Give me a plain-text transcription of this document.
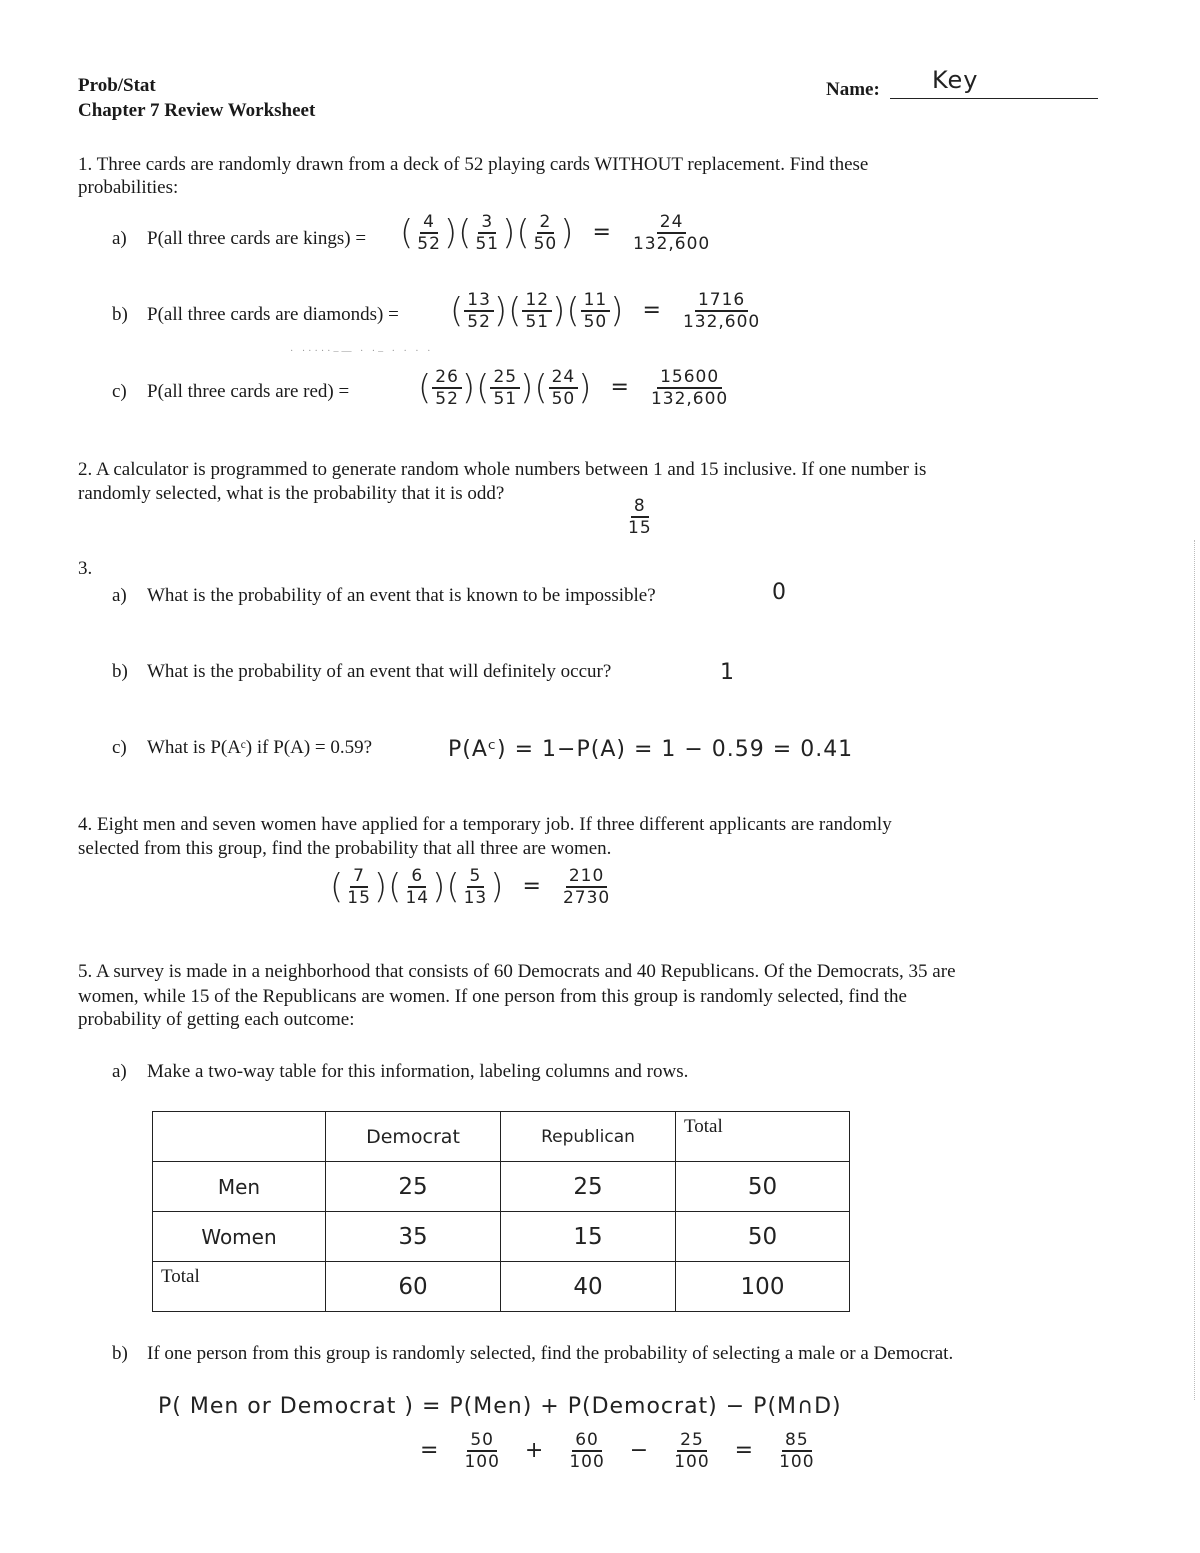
Prob/Stat
Chapter 7 Review Worksheet
Name: Key
1. Three cards are randomly drawn from a deck of 52 playing cards WITHOUT replacement. Find these
probabilities:
a) P(all three cards are kings) = ( $\frac{4}{52}$ )( $\frac{3}{51}$ )( $\frac{2}{50}$ ) = $\frac{24}{132,600}$
b) P(all three cards are diamonds) = ( $\frac{13}{52}$ )( $\frac{12}{51}$ )( $\frac{11}{50}$ ) = $\frac{1716}{132,600}$
· ·····–— · ·– · · · ·
c) P(all three cards are red) = ( $\frac{26}{52}$ )( $\frac{25}{51}$ )( $\frac{24}{50}$ ) = $\frac{15600}{132,600}$
2. A calculator is programmed to generate random whole numbers between 1 and 15 inclusive. If one number is
randomly selected, what is the probability that it is odd?
$\frac{8}{15}$
3.
a) What is the probability of an event that is known to be impossible?	0
b) What is the probability of an event that will definitely occur?	1
c) What is P(Aᶜ) if P(A) = 0.59?	P(Aᶜ) = 1−P(A) = 1 − 0.59 = 0.41
4. Eight men and seven women have applied for a temporary job. If three different applicants are randomly
selected from this group, find the probability that all three are women.
( $\frac{7}{15}$ )( $\frac{6}{14}$ )( $\frac{5}{13}$ ) = $\frac{210}{2730}$
5. A survey is made in a neighborhood that consists of 60 Democrats and 40 Republicans. Of the Democrats, 35 are
women, while 15 of the Republicans are women. If one person from this group is randomly selected, find the
probability of getting each outcome:
a) Make a two-way table for this information, labeling columns and rows.
	Democrat	Republican	Total

Men	25	25	50
Women	35	15	50

Total	60	40	100
b) If one person from this group is randomly selected, find the probability of selecting a male or a Democrat.
P( Men or Democrat ) = P(Men) + P(Democrat) − P(M∩D)
= $\frac{50}{100} + \frac{60}{100} - \frac{25}{100} = \frac{85}{100}$
